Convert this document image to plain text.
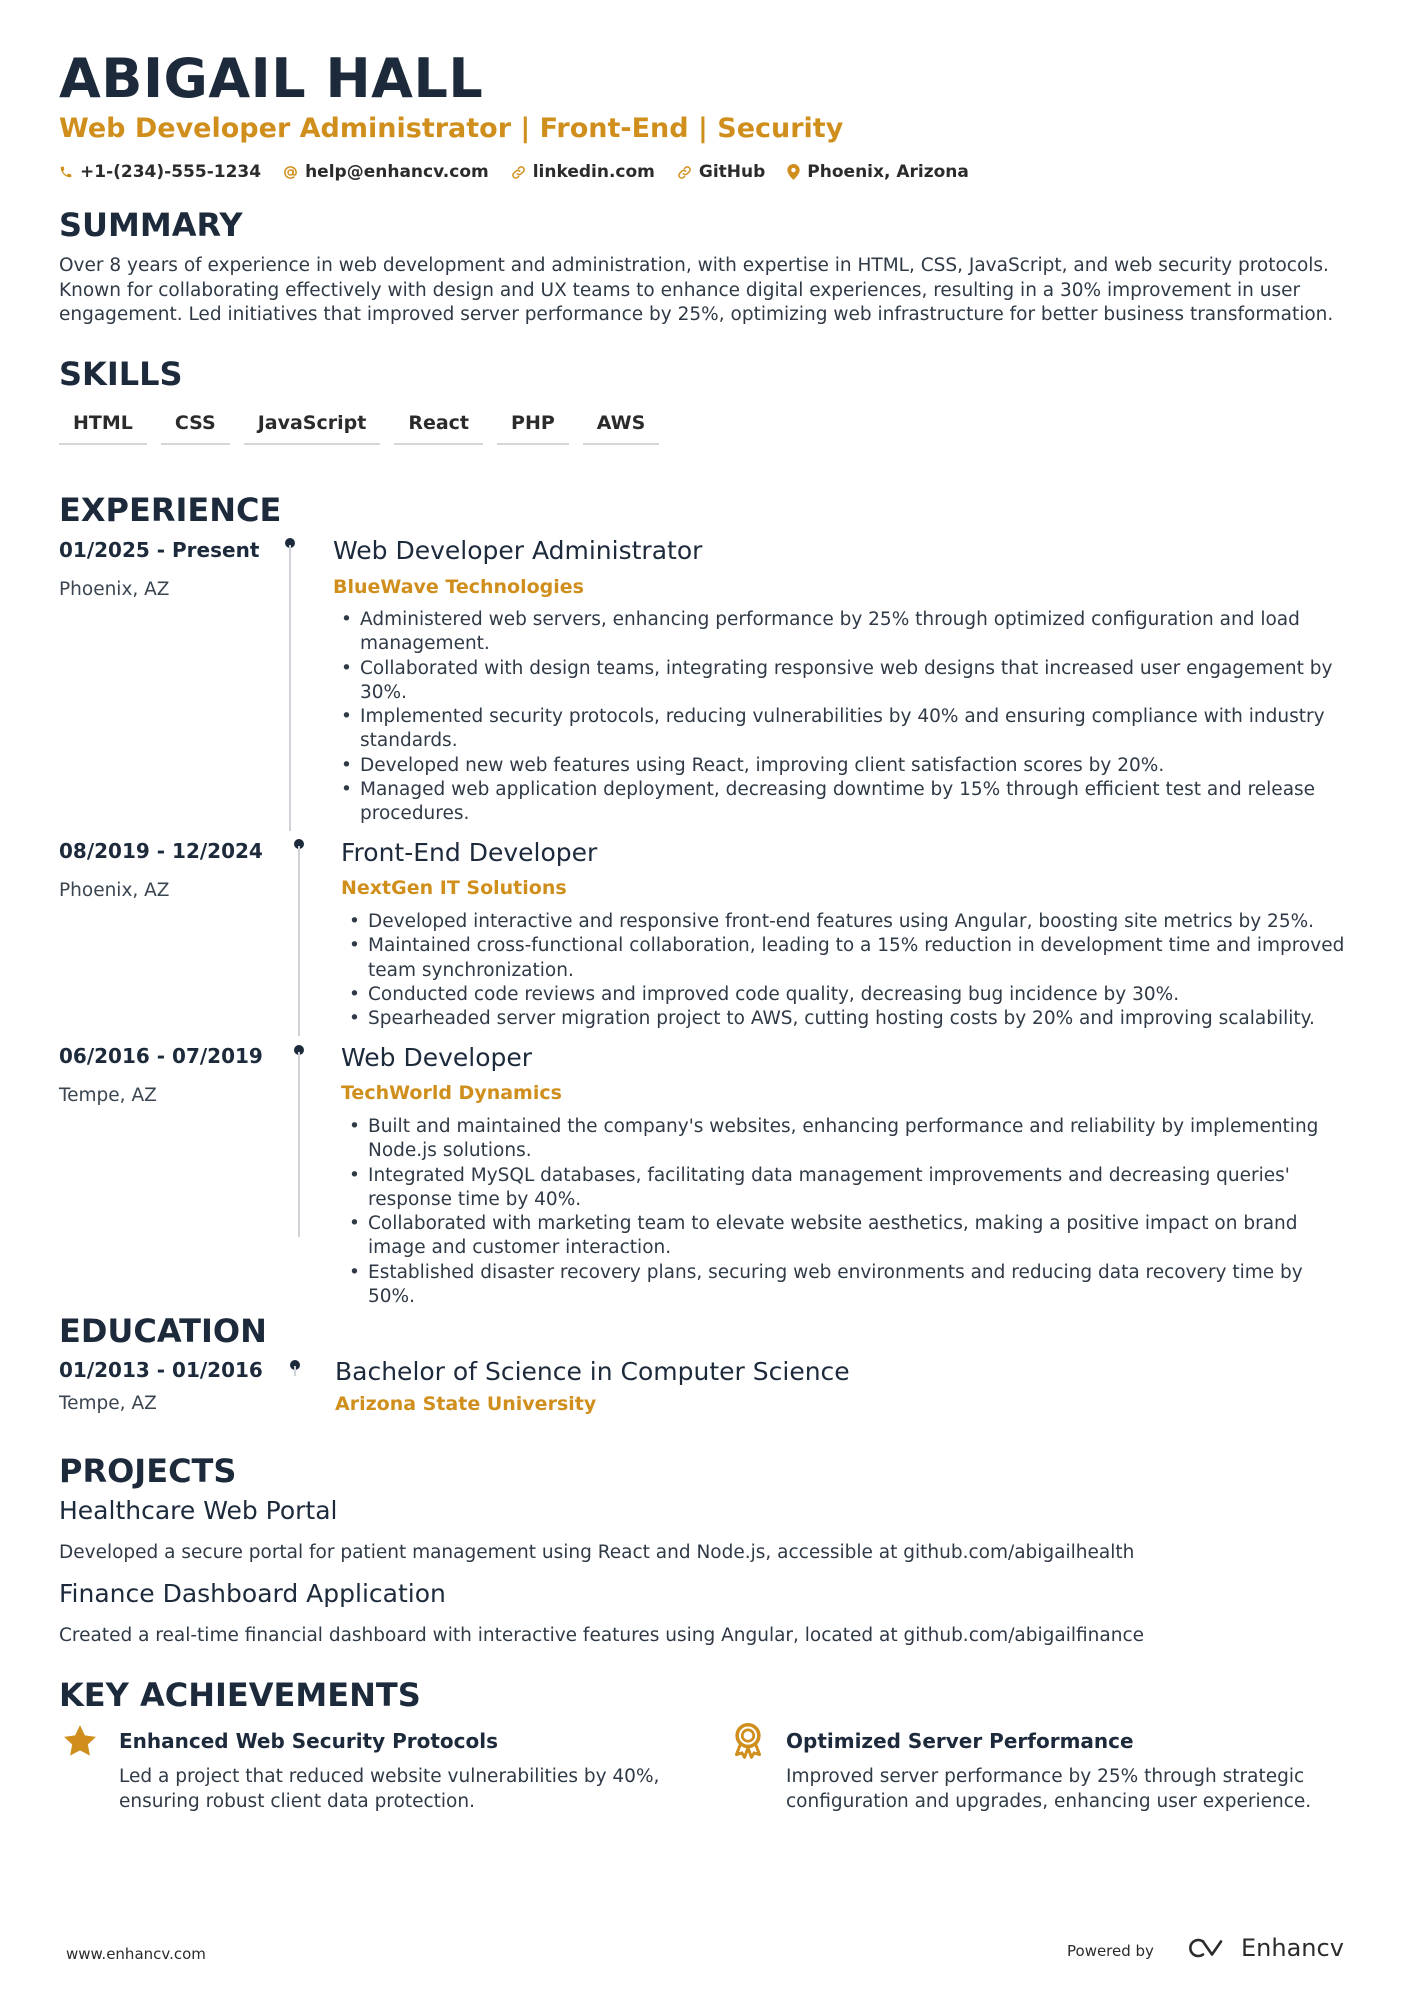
ABIGAIL HALL
Web Developer Administrator | Front-End | Security
+1-(234)-555-1234	help@enhancv.com	linkedin.com	GitHub Phoenix, Arizona
SUMMARY
Over 8 years of experience in web development and administration, with expertise in HTML, CSS, JavaScript, and web security protocols. Known for collaborating effectively with design and UX teams to enhance digital experiences, resulting in a 30% improvement in user engagement. Led initiatives that improved server performance by 25%, optimizing web infrastructure for better business transformation.
SKILLS
HTML	CSS	JavaScript	React	PHP	AWS
EXPERIENCE
01/2025 - Present
Phoenix, AZ
Web Developer Administrator
BlueWave Technologies
• Administered web servers, enhancing performance by 25% through optimized configuration and load management.
• Collaborated with design teams, integrating responsive web designs that increased user engagement by 30%.
• Implemented security protocols, reducing vulnerabilities by 40% and ensuring compliance with industry standards.
• Developed new web features using React, improving client satisfaction scores by 20%.
• Managed web application deployment, decreasing downtime by 15% through efficient test and release procedures.
08/2019 - 12/2024
Phoenix, AZ
Front-End Developer
NextGen IT Solutions
• Developed interactive and responsive front-end features using Angular, boosting site metrics by 25%.
• Maintained cross-functional collaboration, leading to a 15% reduction in development time and improved team synchronization.
• Conducted code reviews and improved code quality, decreasing bug incidence by 30%.
• Spearheaded server migration project to AWS, cutting hosting costs by 20% and improving scalability.
06/2016 - 07/2019
Tempe, AZ
Web Developer
TechWorld Dynamics
• Built and maintained the company's websites, enhancing performance and reliability by implementing Node.js solutions.
• Integrated MySQL databases, facilitating data management improvements and decreasing queries' response time by 40%.
• Collaborated with marketing team to elevate website aesthetics, making a positive impact on brand image and customer interaction.
• Established disaster recovery plans, securing web environments and reducing data recovery time by 50%.
EDUCATION
01/2013 - 01/2016
Tempe, AZ
Bachelor of Science in Computer Science
Arizona State University
PROJECTS
Healthcare Web Portal
Developed a secure portal for patient management using React and Node.js, accessible at github.com/abigailhealth
Finance Dashboard Application
Created a real-time financial dashboard with interactive features using Angular, located at github.com/abigailfinance
KEY ACHIEVEMENTS
Enhanced Web Security Protocols
Led a project that reduced website vulnerabilities by 40%, ensuring robust client data protection.
Optimized Server Performance
Improved server performance by 25% through strategic configuration and upgrades, enhancing user experience.
www.enhancv.com	Powered by	Enhancv
